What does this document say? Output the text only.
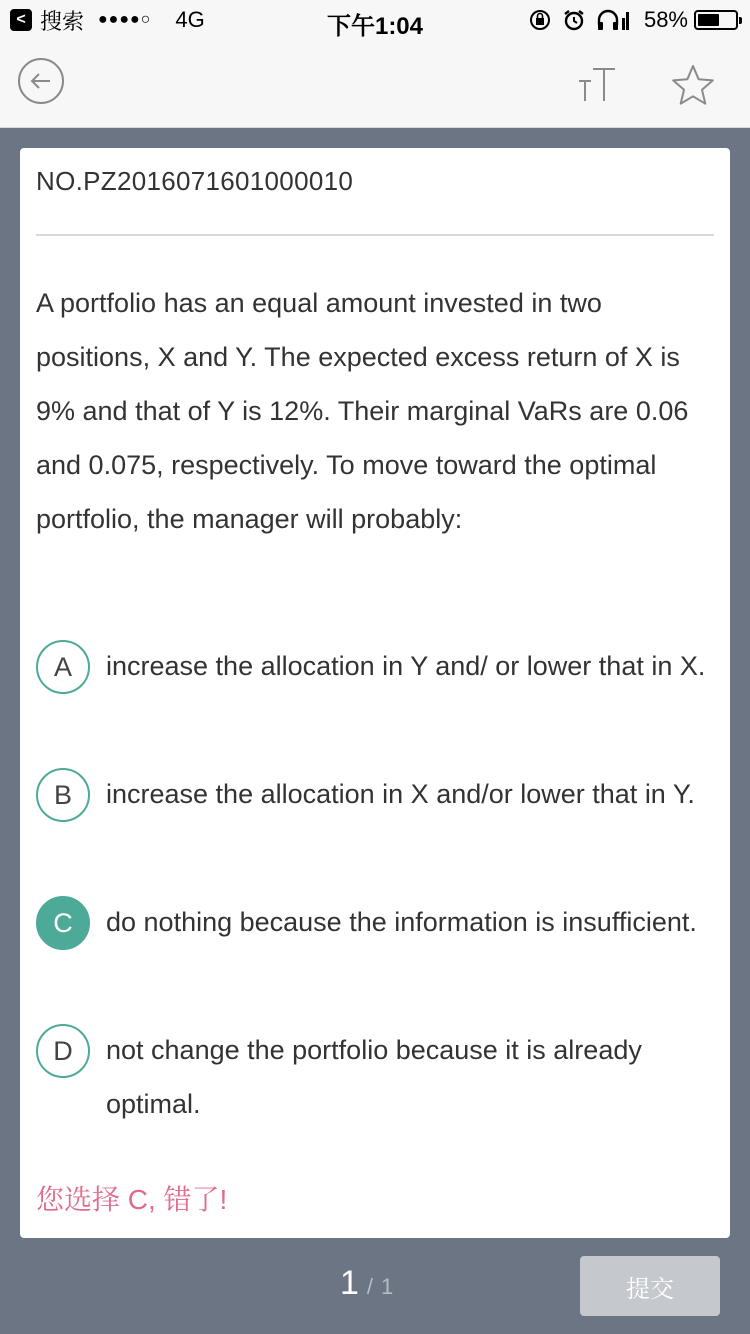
< 搜索 ●●●●○ 4G	下午1:04	58%
NO.PZ2016071601000010
A portfolio has an equal amount invested in two positions, X and Y. The expected excess return of X is 9% and that of Y is 12%. Their marginal VaRs are 0.06 and 0.075, respectively. To move toward the optimal portfolio, the manager will probably:
A	increase the allocation in Y and/ or lower that in X.
B	increase the allocation in X and/or lower that in Y.
C	do nothing because the information is insufficient.
D	not change the portfolio because it is already optimal.
您选择 C, 错了!
1 / 1	提交
